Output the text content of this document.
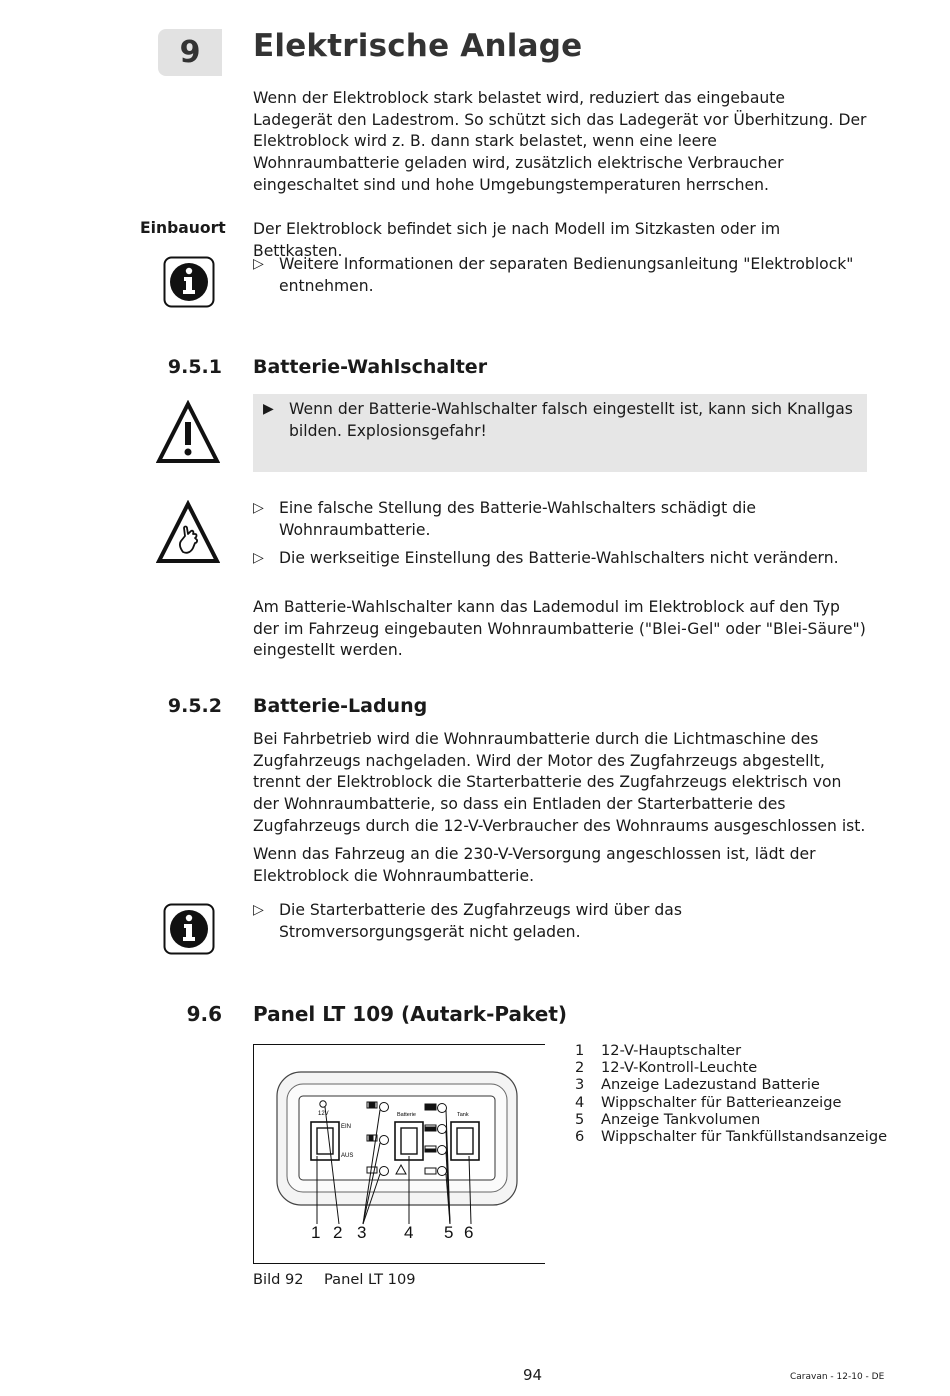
9	Elektrische Anlage

Wenn der Elektroblock stark belastet wird, reduziert das eingebaute Ladegerät den Ladestrom. So schützt sich das Ladegerät vor Überhitzung. Der Elektroblock wird z. B. dann stark belastet, wenn eine leere Wohnraumbatterie geladen wird, zusätzlich elektrische Verbraucher eingeschaltet sind und hohe Umgebungstemperaturen herrschen.

Einbauort Der Elektroblock befindet sich je nach Modell im Sitzkasten oder im Bettkasten.

▷ Weitere Informationen der separaten Bedienungsanleitung "Elektroblock" entnehmen.
9.5.1 Batterie-Wahlschalter
▶ Wenn der Batterie-Wahlschalter falsch eingestellt ist, kann sich Knallgas bilden. Explosionsgefahr!
▷ Eine falsche Stellung des Batterie-Wahlschalters schädigt die Wohnraumbatterie.
▷ Die werkseitige Einstellung des Batterie-Wahlschalters nicht verändern.

Am Batterie-Wahlschalter kann das Lademodul im Elektroblock auf den Typ der im Fahrzeug eingebauten Wohnraumbatterie ("Blei-Gel" oder "Blei-Säure") eingestellt werden.

9.5.2 Batterie-Ladung

Bei Fahrbetrieb wird die Wohnraumbatterie durch die Lichtmaschine des Zugfahrzeugs nachgeladen. Wird der Motor des Zugfahrzeugs abgestellt, trennt der Elektroblock die Starterbatterie des Zugfahrzeugs elektrisch von der Wohnraumbatterie, so dass ein Entladen der Starterbatterie des Zugfahrzeugs durch die 12-V-Verbraucher des Wohnraums ausgeschlossen ist.

Wenn das Fahrzeug an die 230-V-Versorgung angeschlossen ist, lädt der Elektroblock die Wohnraumbatterie.

▷ Die Starterbatterie des Zugfahrzeugs wird über das Stromversorgungsgerät nicht geladen.
9.6 Panel LT 109 (Autark-Paket)
12V
EIN
AUS
Batterie	Tank
1 2 3 4 5 6
1	12-V-Hauptschalter
2	12-V-Kontroll-Leuchte
3	Anzeige Ladezustand Batterie
4	Wippschalter für Batterieanzeige
5	Anzeige Tankvolumen
6	Wippschalter für Tankfüllstandsanzeige
Bild 92 Panel LT 109
94	Caravan - 12-10 - DE
